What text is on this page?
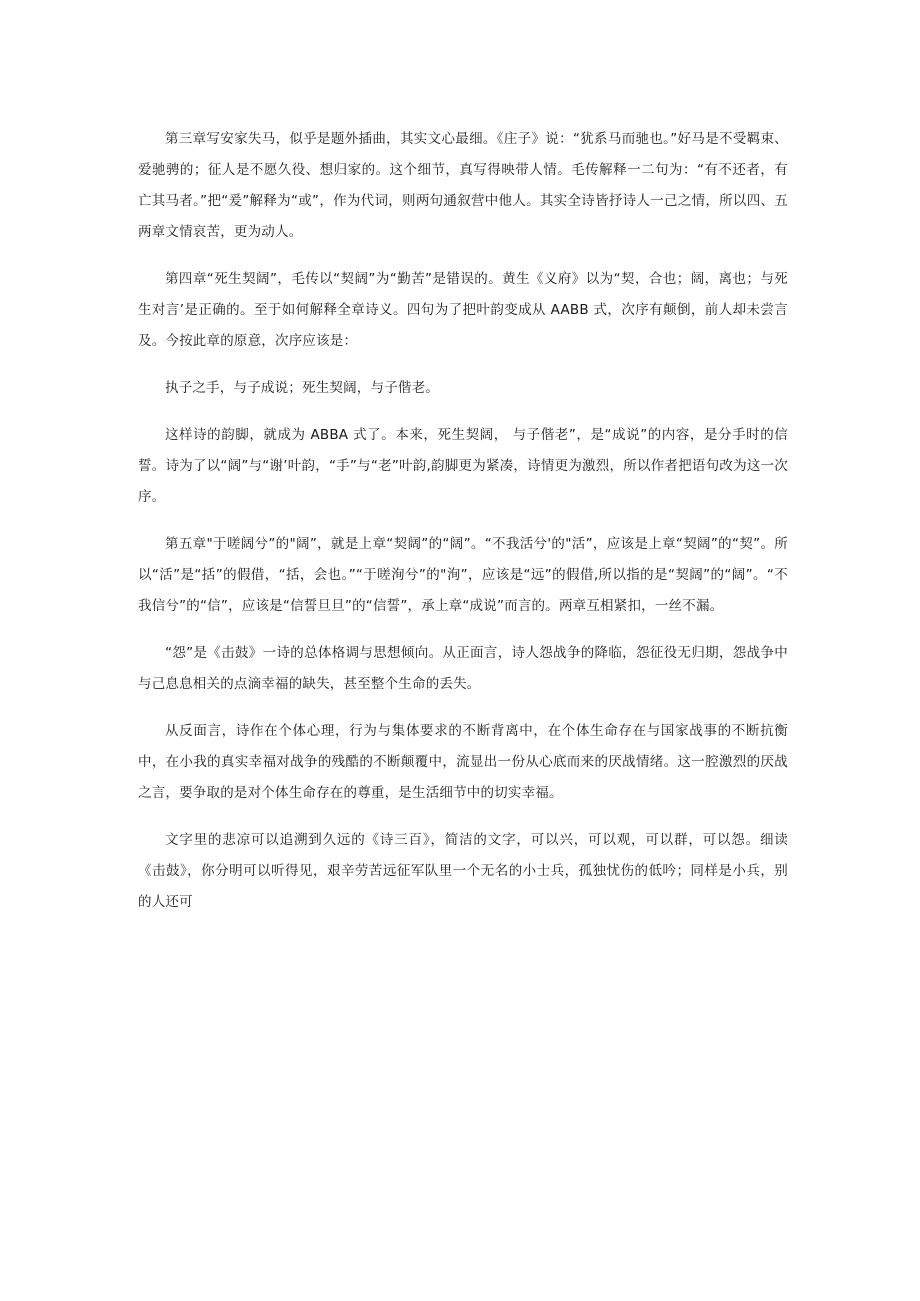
第三章写安家失马，似乎是题外插曲，其实文心最细。《庄子》说：“犹系马而驰也。”好马是不受羁束、爱驰骋的；征人是不愿久役、想归家的。这个细节，真写得映带人情。毛传解释一二句为：“有不还者，有亡其马者。”把“爰”解释为“或”，作为代词，则两句通叙营中他人。其实全诗皆抒诗人一己之情，所以四、五两章文情哀苦，更为动人。

第四章“死生契阔”，毛传以“契阔”为“勤苦”是错误的。黄生《义府》以为“契，合也；阔，离也；与死生对言’是正确的。至于如何解释全章诗义。四句为了把叶韵变成从 AABB 式，次序有颠倒，前人却未尝言及。今按此章的原意，次序应该是：

执子之手，与子成说；死生契阔，与子偕老。

这样诗的韵脚，就成为 ABBA 式了。本来，死生契阔， 与子偕老”，是“成说”的内容，是分手时的信誓。诗为了以“阔”与“谢’叶韵，“手”与“老”叶韵,韵脚更为紧凑，诗情更为激烈，所以作者把语句改为这一次序。

第五章"于嗟阔兮”的"阔”，就是上章“契阔”的“阔”。“不我活兮'的"活”，应该是上章“契阔”的“契”。所以“活”是“括”的假借，“括，会也。”“于嗟洵兮”的"洵”，应该是“远”的假借,所以指的是“契阔”的“阔”。“不我信兮”的“信”，应该是“信誓旦旦”的“信誓”，承上章“成说”而言的。两章互相紧扣，一丝不漏。

“怨”是《击鼓》一诗的总体格调与思想倾向。从正面言，诗人怨战争的降临，怨征役无归期，怨战争中与己息息相关的点滴幸福的缺失，甚至整个生命的丢失。

从反面言，诗作在个体心理，行为与集体要求的不断背离中，在个体生命存在与国家战事的不断抗衡中，在小我的真实幸福对战争的残酷的不断颠覆中，流显出一份从心底而来的厌战情绪。这一腔激烈的厌战之言，要争取的是对个体生命存在的尊重，是生活细节中的切实幸福。

文字里的悲凉可以追溯到久远的《诗三百》，简洁的文字，可以兴，可以观，可以群，可以怨。细读《击鼓》，你分明可以听得见，艰辛劳苦远征军队里一个无名的小士兵，孤独忧伤的低吟；同样是小兵，别的人还可
